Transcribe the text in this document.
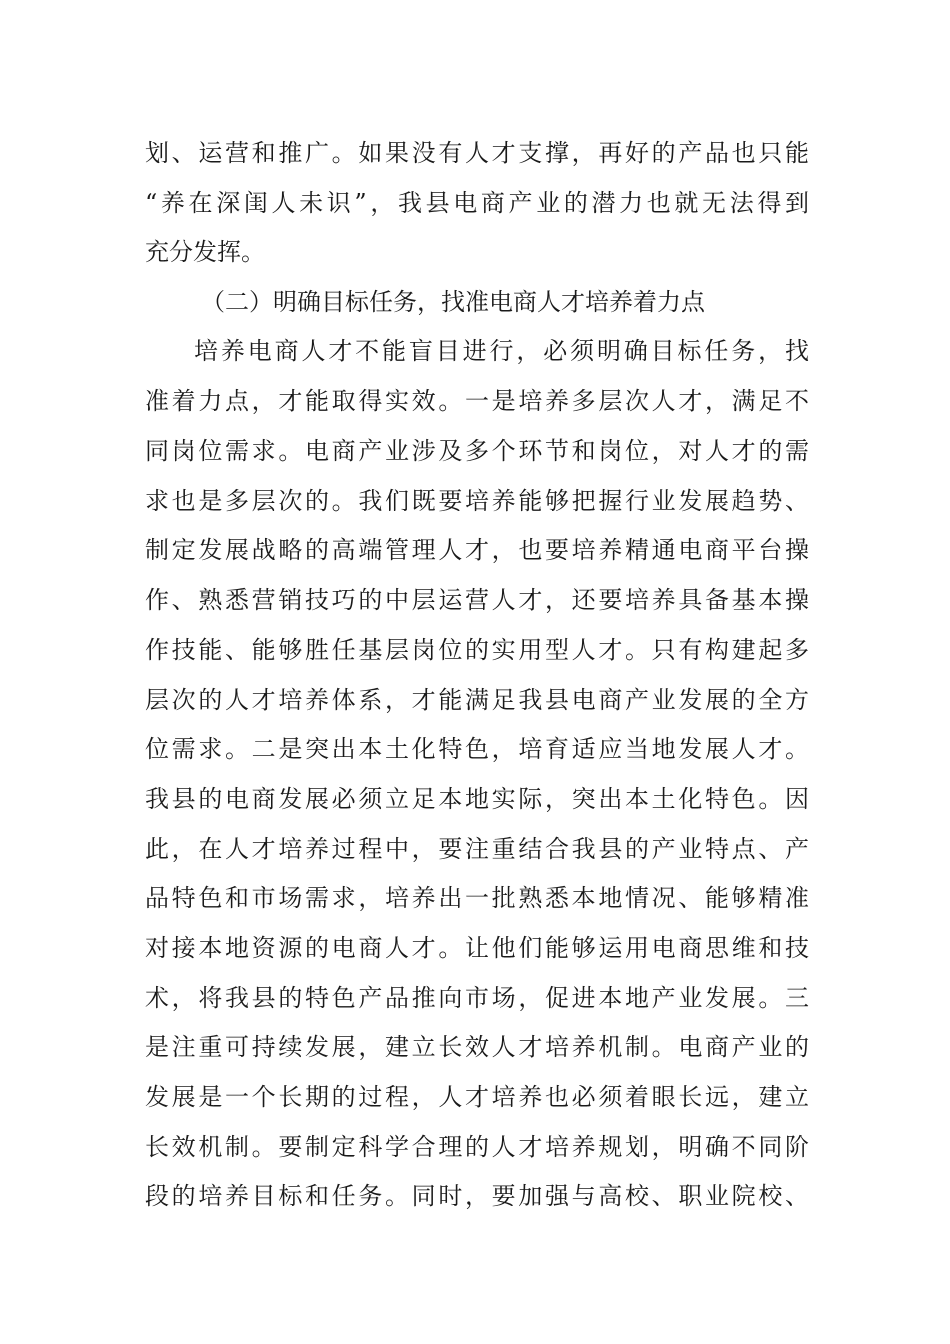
划、运营和推广。如果没有人才支撑，再好的产品也只能
“养在深闺人未识”，我县电商产业的潜力也就无法得到
充分发挥。
（二）明确目标任务，找准电商人才培养着力点
培养电商人才不能盲目进行，必须明确目标任务，找
准着力点，才能取得实效。一是培养多层次人才，满足不
同岗位需求。电商产业涉及多个环节和岗位，对人才的需
求也是多层次的。我们既要培养能够把握行业发展趋势、
制定发展战略的高端管理人才，也要培养精通电商平台操
作、熟悉营销技巧的中层运营人才，还要培养具备基本操
作技能、能够胜任基层岗位的实用型人才。只有构建起多
层次的人才培养体系，才能满足我县电商产业发展的全方
位需求。二是突出本土化特色，培育适应当地发展人才。
我县的电商发展必须立足本地实际，突出本土化特色。因
此，在人才培养过程中，要注重结合我县的产业特点、产
品特色和市场需求，培养出一批熟悉本地情况、能够精准
对接本地资源的电商人才。让他们能够运用电商思维和技
术，将我县的特色产品推向市场，促进本地产业发展。三
是注重可持续发展，建立长效人才培养机制。电商产业的
发展是一个长期的过程，人才培养也必须着眼长远，建立
长效机制。要制定科学合理的人才培养规划，明确不同阶
段的培养目标和任务。同时，要加强与高校、职业院校、
